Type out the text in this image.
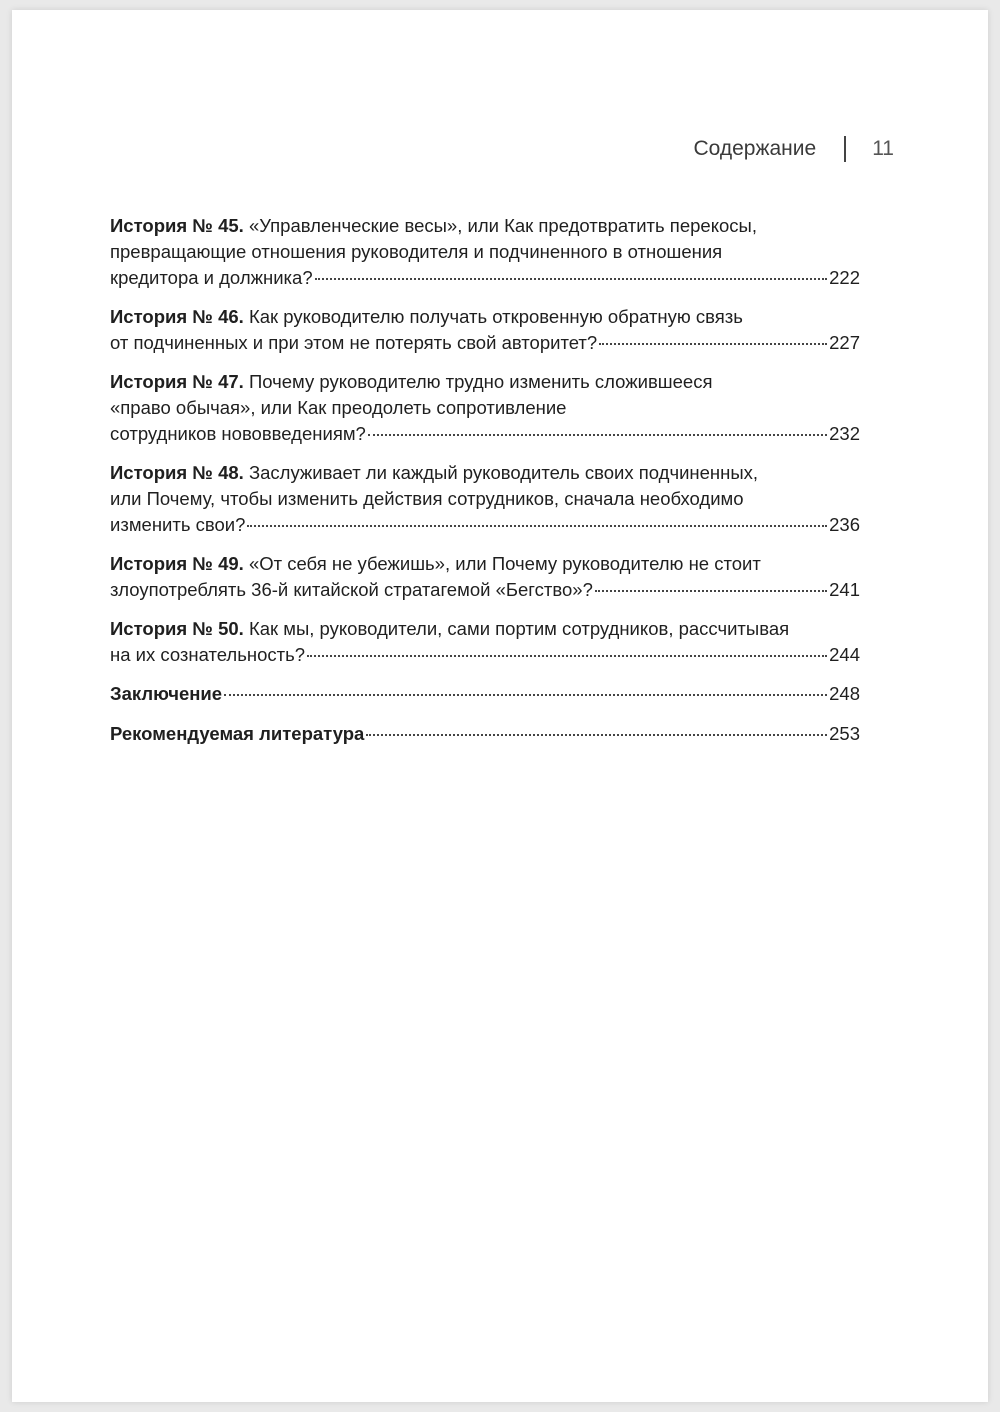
Содержание	11
История № 45. «Управленческие весы», или Как предотвратить перекосы,
превращающие отношения руководителя и подчиненного в отношения
кредитора и должника?	222
История № 46. Как руководителю получать откровенную обратную связь
от подчиненных и при этом не потерять свой авторитет?	227
История № 47. Почему руководителю трудно изменить сложившееся
«право обычая», или Как преодолеть сопротивление
сотрудников нововведениям?	232
История № 48. Заслуживает ли каждый руководитель своих подчиненных,
или Почему, чтобы изменить действия сотрудников, сначала необходимо
изменить свои?	236
История № 49. «От себя не убежишь», или Почему руководителю не стоит
злоупотреблять 36-й китайской стратагемой «Бегство»?	241
История № 50. Как мы, руководители, сами портим сотрудников, рассчитывая
на их сознательность?	244
Заключение	248
Рекомендуемая литература	253
